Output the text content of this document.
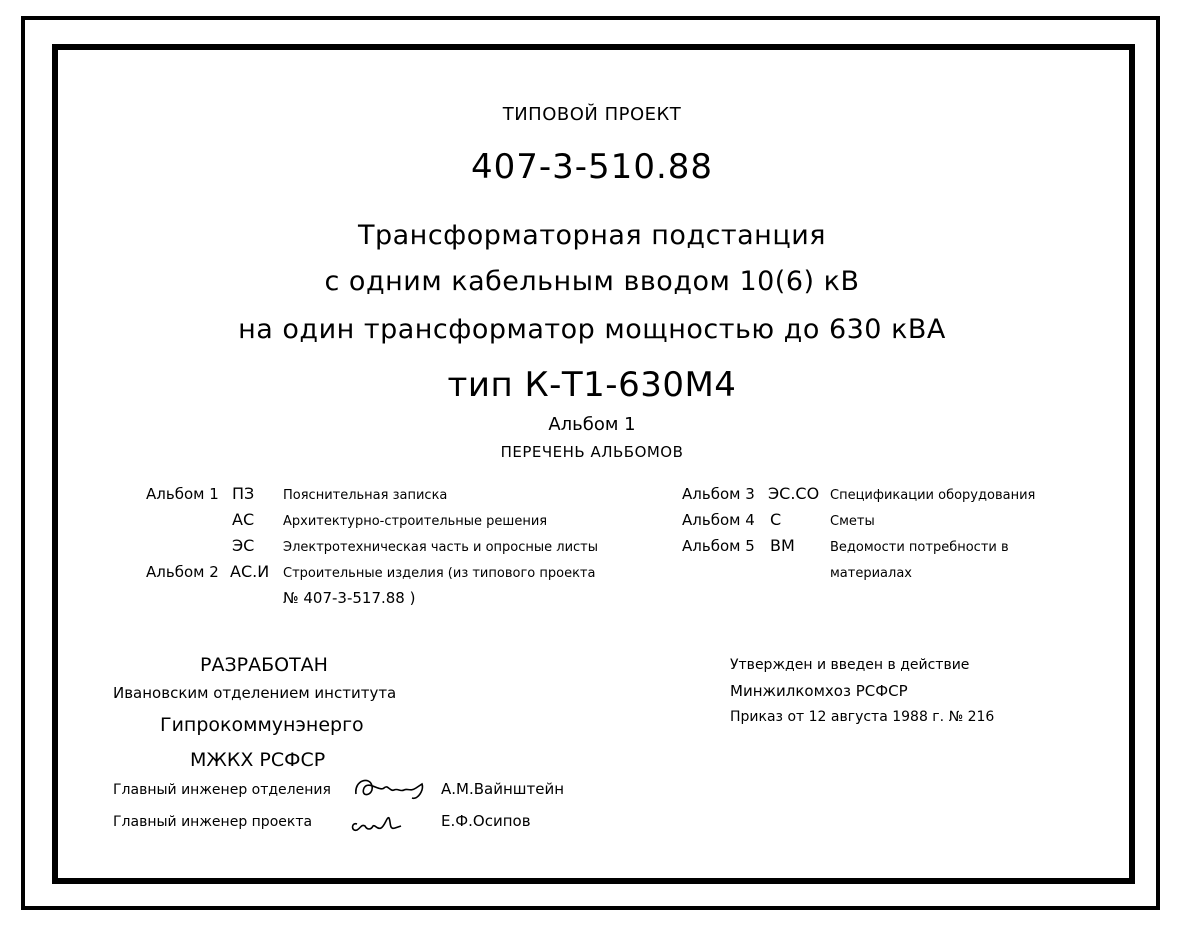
ТИПОВОЙ ПРОЕКТ
407-3-510.88
Трансформаторная подстанция
с одним кабельным вводом 10(6) кВ
на один трансформатор мощностью до 630 кВА
тип К-Т1-630М4
Альбом 1
ПЕРЕЧЕНЬ АЛЬБОМОВ
Альбом 1 ПЗ Пояснительная записка
АС Архитектурно-строительные решения
ЭС Электротехническая часть и опросные листы
Альбом 2 АС.И Строительные изделия (из типового проекта
№ 407-3-517.88 )
Альбом 3 ЭС.СО Спецификации оборудования
Альбом 4 С	Сметы
Альбом 5 ВМ	Ведомости потребности в
материалах
РАЗРАБОТАН
Ивановским отделением института
Гипрокоммунэнерго
МЖКХ РСФСР
Главный инженер отделения	А.М.Вайнштейн
Главный инженер проекта	Е.Ф.Осипов
Утвержден и введен в действие
Минжилкомхоз РСФСР
Приказ от 12 августа 1988 г. № 216
